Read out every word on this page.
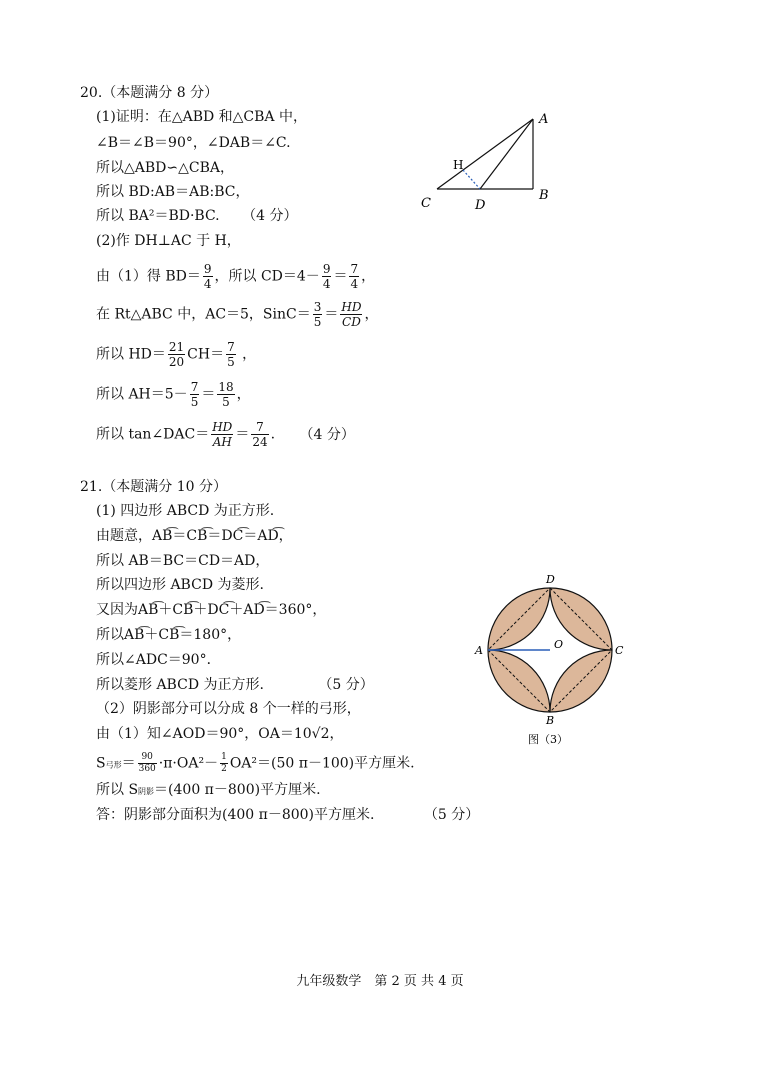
20.（本题满分 8 分）
(1)证明：在△ABD 和△CBA 中，
∠B＝∠B＝90°，∠DAB＝∠C.
所以△ABD∽△CBA，
所以 BD:AB＝AB:BC，
所以 BA²＝BD·BC. （4 分）
(2)作 DH⊥AC 于 H，
由（1）得 $BD= \frac{9}{4}$ ，所以 $CD=4- \frac{9}{4} = \frac{7}{4}$ ，
在 Rt△ABC 中，AC＝5，SinC＝ $\frac{3}{5} = \frac{HD}{CD}$ ，
所以 $HD= \frac{21}{20} CH= \frac{7}{5}$ ，
所以 $AH=5- \frac{7}{5} = \frac{18}{5}$ ，
所以 tan∠DAC＝ $\frac{HD}{AH} = \frac{7}{24}$ . （4 分）
A
B
C	D
H
21.（本题满分 10 分）
(1) 四边形 ABCD 为正方形.
由题意，AB͡＝CB͡＝DC͡＝AD͡，
所以 AB＝BC＝CD＝AD，
所以四边形 ABCD 为菱形.
又因为AB͡＋CB͡＋DC͡＋AD͡＝360°，
所以AB͡＋CB͡＝180°，
所以∠ADC＝90°．
所以菱形 ABCD 为正方形.	（5 分）
（2）阴影部分可以分成 8 个一样的弓形，
由（1）知∠AOD＝90°，OA＝10√2，
S弓形＝ $\frac{90}{360} \cdot\pi\cdot OA^2- \frac{1}{2} OA^2=(50$ π－100)平方厘米.
所以 S阴影＝(400 π－800)平方厘米.
答：阴影部分面积为(400 π－800)平方厘米.	（5 分）
D
A	C
B
O
图（3）
九年级数学　第 2 页 共 4 页
